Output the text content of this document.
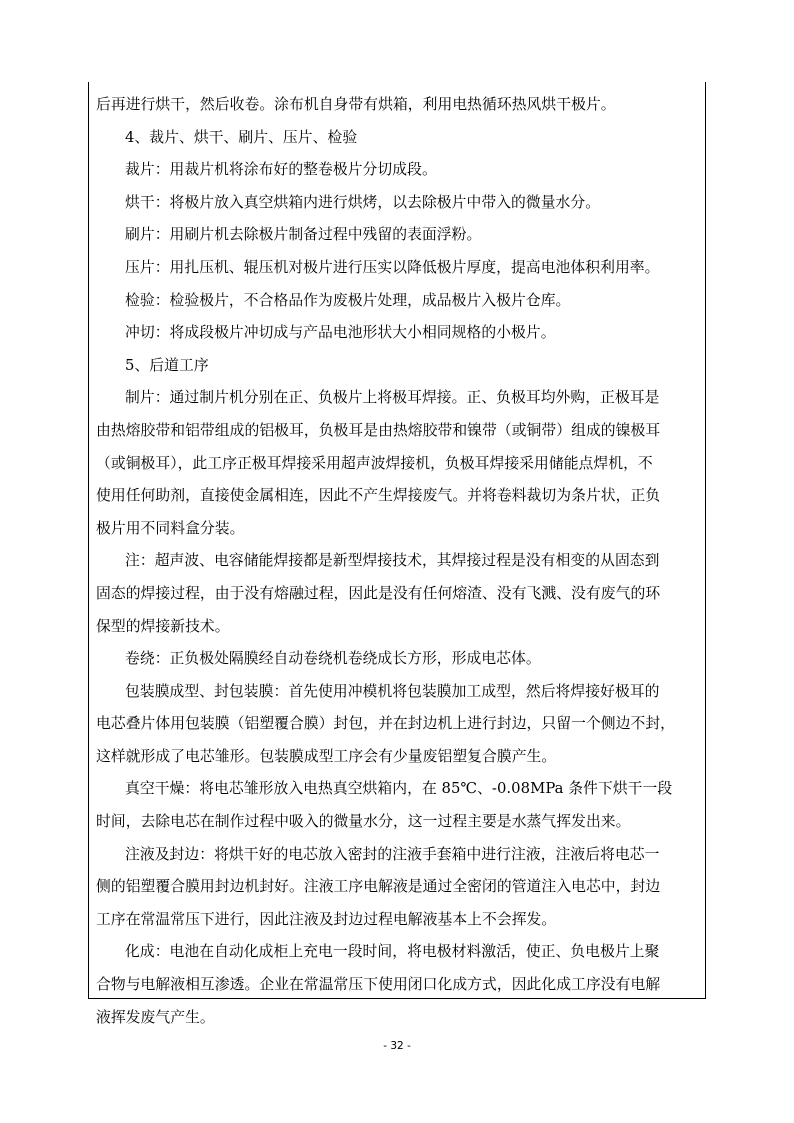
后再进行烘干，然后收卷。涂布机自身带有烘箱，利用电热循环热风烘干极片。
4、裁片、烘干、刷片、压片、检验
裁片：用裁片机将涂布好的整卷极片分切成段。
烘干：将极片放入真空烘箱内进行烘烤，以去除极片中带入的微量水分。
刷片：用刷片机去除极片制备过程中残留的表面浮粉。
压片：用扎压机、辊压机对极片进行压实以降低极片厚度，提高电池体积利用率。
检验：检验极片，不合格品作为废极片处理，成品极片入极片仓库。
冲切：将成段极片冲切成与产品电池形状大小相同规格的小极片。
5、后道工序
制片：通过制片机分别在正、负极片上将极耳焊接。正、负极耳均外购，正极耳是
由热熔胶带和铝带组成的铝极耳，负极耳是由热熔胶带和镍带（或铜带）组成的镍极耳
（或铜极耳），此工序正极耳焊接采用超声波焊接机，负极耳焊接采用储能点焊机，不
使用任何助剂，直接使金属相连，因此不产生焊接废气。并将卷料裁切为条片状，正负
极片用不同料盒分装。
注：超声波、电容储能焊接都是新型焊接技术，其焊接过程是没有相变的从固态到
固态的焊接过程，由于没有熔融过程，因此是没有任何熔渣、没有飞溅、没有废气的环
保型的焊接新技术。
卷绕：正负极处隔膜经自动卷绕机卷绕成长方形，形成电芯体。
包装膜成型、封包装膜：首先使用冲模机将包装膜加工成型，然后将焊接好极耳的
电芯叠片体用包装膜（铝塑覆合膜）封包，并在封边机上进行封边，只留一个侧边不封，
这样就形成了电芯雏形。包装膜成型工序会有少量废铝塑复合膜产生。
真空干燥：将电芯雏形放入电热真空烘箱内，在 85℃、-0.08MPa 条件下烘干一段
时间，去除电芯在制作过程中吸入的微量水分，这一过程主要是水蒸气挥发出来。
注液及封边：将烘干好的电芯放入密封的注液手套箱中进行注液，注液后将电芯一
侧的铝塑覆合膜用封边机封好。注液工序电解液是通过全密闭的管道注入电芯中，封边
工序在常温常压下进行，因此注液及封边过程电解液基本上不会挥发。
化成：电池在自动化成柜上充电一段时间，将电极材料激活，使正、负电极片上聚
合物与电解液相互渗透。企业在常温常压下使用闭口化成方式，因此化成工序没有电解
液挥发废气产生。
- 32 -
